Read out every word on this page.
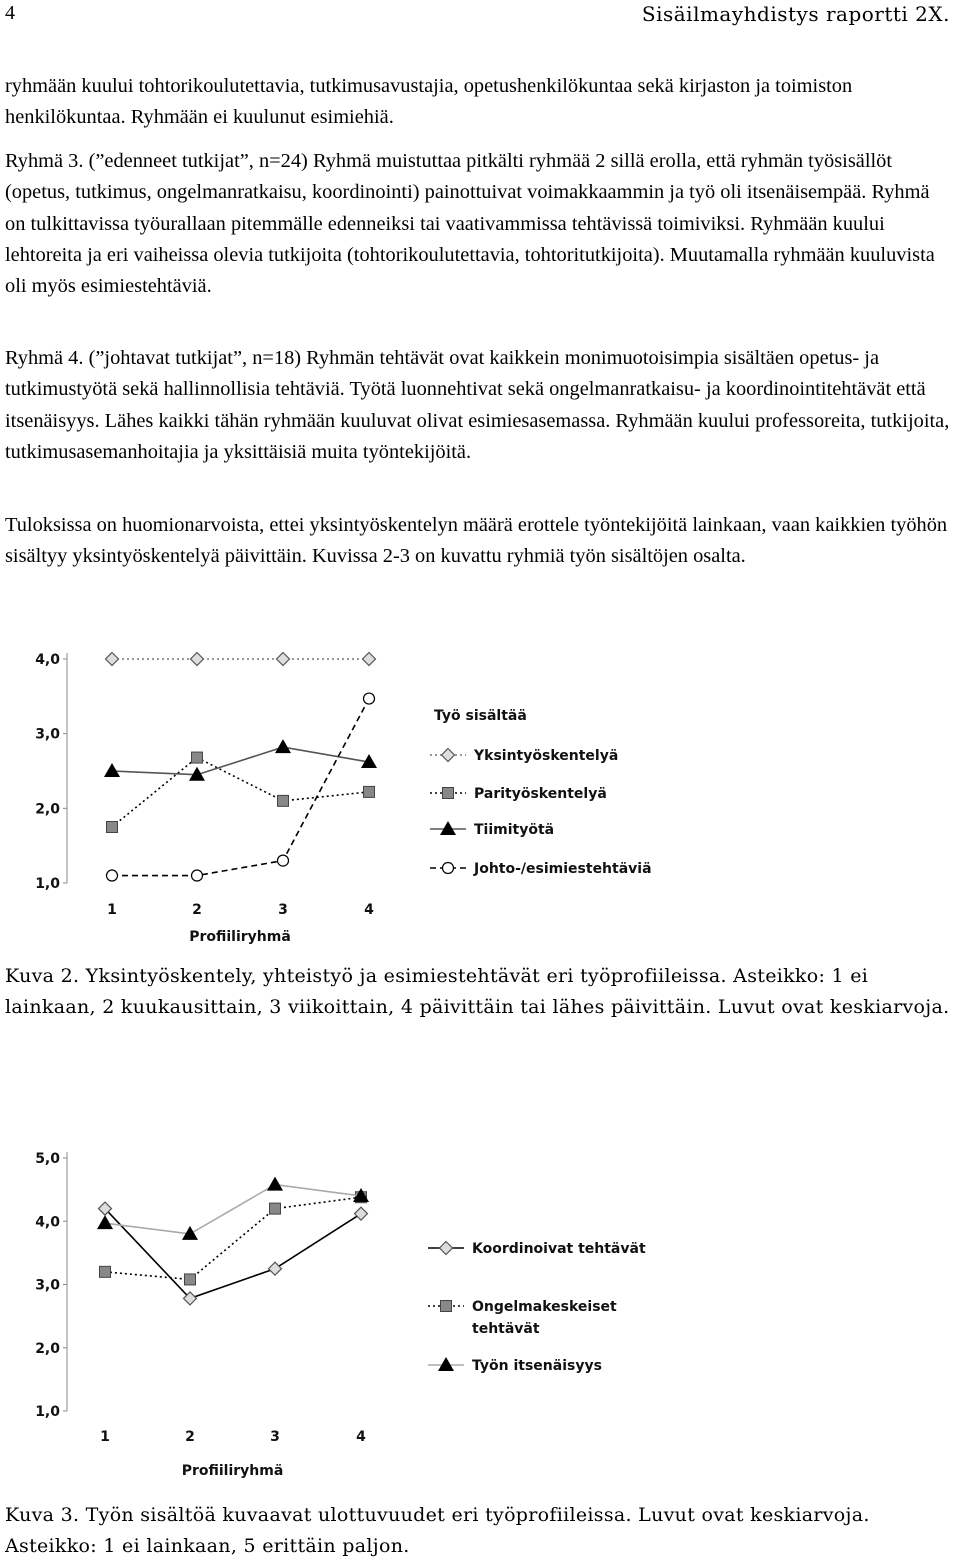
4	Sisäilmayhdistys raportti 2X.

ryhmään kuului tohtorikoulutettavia, tutkimusavustajia, opetushenkilökuntaa sekä kirjaston ja toimiston henkilökuntaa. Ryhmään ei kuulunut esimiehiä.

Ryhmä 3. (”edenneet tutkijat”, n=24) Ryhmä muistuttaa pitkälti ryhmää 2 sillä erolla, että ryhmän työsisällöt (opetus, tutkimus, ongelmanratkaisu, koordinointi) painottuivat voimakkaammin ja työ oli itsenäisempää. Ryhmä on tulkittavissa työurallaan pitemmälle edenneiksi tai vaativammissa tehtävissä toimiviksi. Ryhmään kuului lehtoreita ja eri vaiheissa olevia tutkijoita (tohtorikoulutettavia, tohtoritutkijoita). Muutamalla ryhmään kuuluvista oli myös esimiestehtäviä.

Ryhmä 4. (”johtavat tutkijat”, n=18) Ryhmän tehtävät ovat kaikkein monimuotoisimpia sisältäen opetus- ja tutkimustyötä sekä hallinnollisia tehtäviä. Työtä luonnehtivat sekä ongelmanratkaisu- ja koordinointitehtävät että itsenäisyys. Lähes kaikki tähän ryhmään kuuluvat olivat esimiesasemassa. Ryhmään kuului professoreita, tutkijoita, tutkimusasemanhoitajia ja yksittäisiä muita työntekijöitä.

Tuloksissa on huomionarvoista, ettei yksintyöskentelyn määrä erottele työntekijöitä lainkaan, vaan kaikkien työhön sisältyy yksintyöskentelyä päivittäin. Kuvissa 2-3 on kuvattu ryhmiä työn sisältöjen osalta.

1,0
2,0
3,0
4,0
1	2	3	4
Profiiliryhmä
Työ sisältää
Yksintyöskentelyä
Parityöskentelyä
Tiimityötä
Johto-/esimiestehtäviä

Kuva 2. Yksintyöskentely, yhteistyö ja esimiestehtävät eri työprofiileissa. Asteikko: 1 ei lainkaan, 2 kuukausittain, 3 viikoittain, 4 päivittäin tai lähes päivittäin. Luvut ovat keskiarvoja.

1,0
2,0
3,0
4,0
5,0
1	2	3	4
Profiiliryhmä
Koordinoivat tehtävät
Ongelmakeskeiset tehtävät
Työn itsenäisyys

Kuva 3. Työn sisältöä kuvaavat ulottuvuudet eri työprofiileissa. Luvut ovat keskiarvoja. Asteikko: 1 ei lainkaan, 5 erittäin paljon.
